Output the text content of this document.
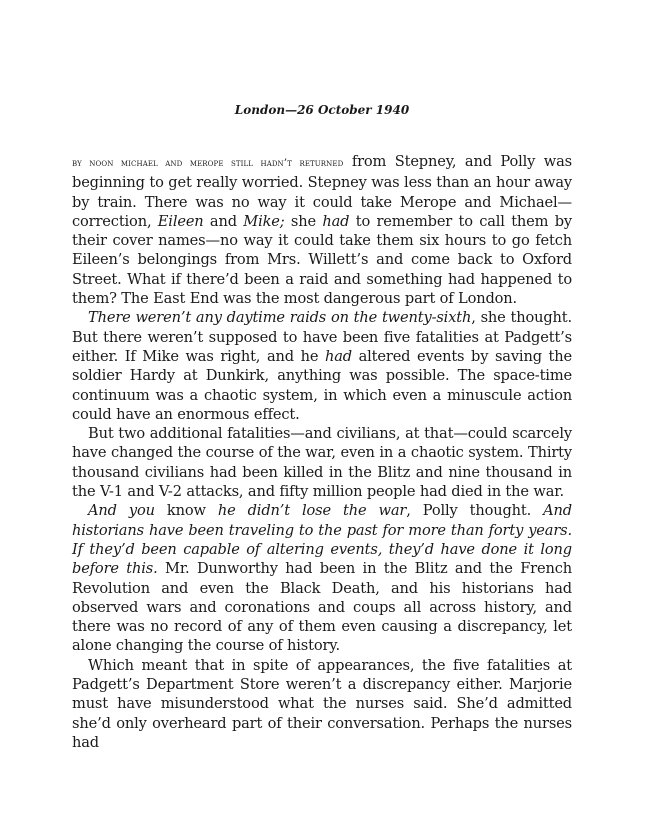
London—26 October 1940

by noon michael and merope still hadn’t returned from Stepney, and Polly was beginning to get really worried. Stepney was less than an hour away by train. There was no way it could take Merope and Michael—correction, Eileen and Mike; she had to remember to call them by their cover names—no way it could take them six hours to go fetch Eileen’s belongings from Mrs. Willett’s and come back to Oxford Street. What if there’d been a raid and something had happened to them? The East End was the most dangerous part of London.

There weren’t any daytime raids on the twenty-sixth, she thought. But there weren’t supposed to have been five fatalities at Padgett’s either. If Mike was right, and he had altered events by saving the soldier Hardy at Dunkirk, anything was possible. The space-time continuum was a chaotic system, in which even a minuscule action could have an enormous effect.

But two additional fatalities—and civilians, at that—could scarcely have changed the course of the war, even in a chaotic system. Thirty thousand civilians had been killed in the Blitz and nine thousand in the V-1 and V-2 attacks, and fifty million people had died in the war.

And you know he didn’t lose the war, Polly thought. And historians have been traveling to the past for more than forty years. If they’d been capable of altering events, they’d have done it long before this. Mr. Dunworthy had been in the Blitz and the French Revolution and even the Black Death, and his historians had observed wars and coronations and coups all across history, and there was no record of any of them even causing a discrepancy, let alone changing the course of history.

Which meant that in spite of appearances, the five fatalities at Padgett’s Department Store weren’t a discrepancy either. Marjorie must have misunderstood what the nurses said. She’d admitted she’d only overheard part of their conversation. Perhaps the nurses had
